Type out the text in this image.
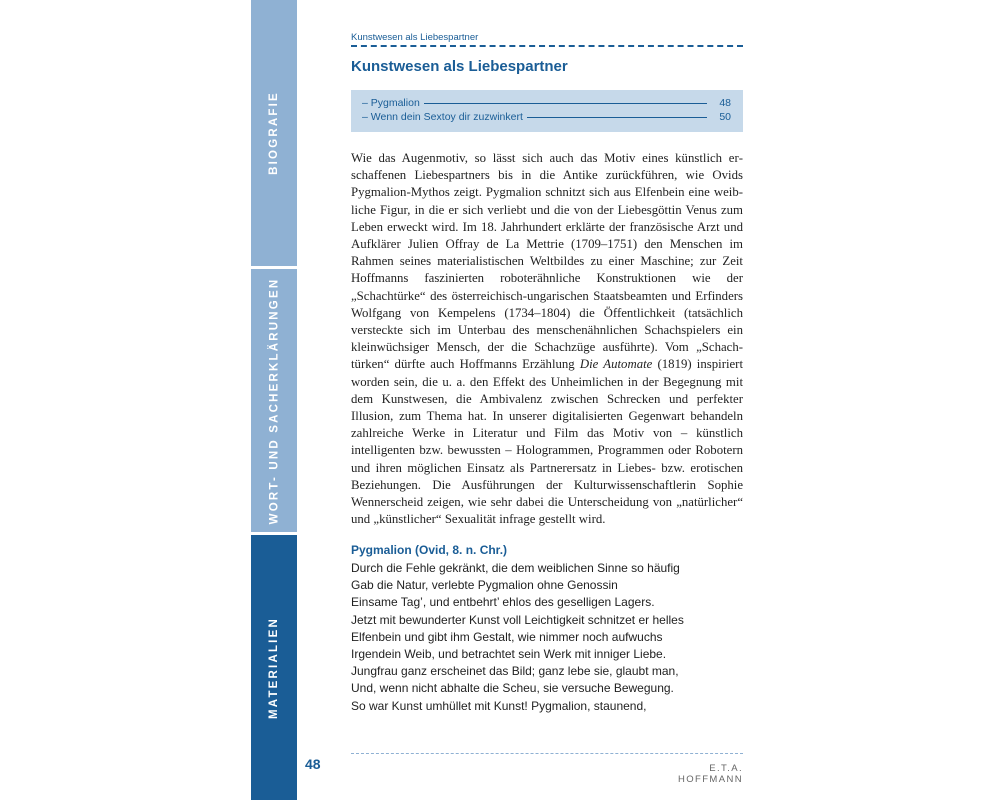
BIOGRAFIE
WORT- UND SACHERKLÄRUNGEN
MATERIALIEN
Kunstwesen als Liebespartner
Kunstwesen als Liebespartner
– Pygmalion	48
– Wenn dein Sextoy dir zuzwinkert	50
Wie das Augenmotiv, so lässt sich auch das Motiv eines künstlich erschaffenen Liebespartners bis in die Antike zurückführen, wie Ovids Pygmalion-Mythos zeigt. Pygmalion schnitzt sich aus Elfenbein eine weibliche Figur, in die er sich verliebt und die von der Liebesgöttin Venus zum Leben erweckt wird. Im 18. Jahrhundert erklärte der französische Arzt und Aufklärer Julien Offray de La Mettrie (1709–1751) den Menschen im Rahmen seines materialistischen Weltbildes zu einer Maschine; zur Zeit Hoffmanns faszinierten roboterähnliche Konstruktionen wie der „Schachtürke“ des österreichisch-ungarischen Staatsbeamten und Erfinders Wolfgang von Kempelens (1734–1804) die Öffentlichkeit (tatsächlich versteckte sich im Unterbau des menschenähnlichen Schachspielers ein kleinwüchsiger Mensch, der die Schachzüge ausführte). Vom „Schachtürken“ dürfte auch Hoffmanns Erzählung Die Automate (1819) inspiriert worden sein, die u. a. den Effekt des Unheimlichen in der Begegnung mit dem Kunstwesen, die Ambivalenz zwischen Schrecken und perfekter Illusion, zum Thema hat. In unserer digitalisierten Gegenwart behandeln zahlreiche Werke in Literatur und Film das Motiv von – künstlich intelligenten bzw. bewussten – Hologrammen, Programmen oder Robotern und ihren möglichen Einsatz als Partnerersatz in Liebes- bzw. erotischen Beziehungen. Die Ausführungen der Kulturwissenschaftlerin Sophie Wennerscheid zeigen, wie sehr dabei die Unterscheidung von „natürlicher“ und „künstlicher“ Sexualität infrage gestellt wird.
Pygmalion (Ovid, 8. n. Chr.)
Durch die Fehle gekränkt, die dem weiblichen Sinne so häufig
Gab die Natur, verlebte Pygmalion ohne Genossin
Einsame Tag’, und entbehrt’ ehlos des geselligen Lagers.
Jetzt mit bewunderter Kunst voll Leichtigkeit schnitzet er helles
Elfenbein und gibt ihm Gestalt, wie nimmer noch aufwuchs
Irgendein Weib, und betrachtet sein Werk mit inniger Liebe.
Jungfrau ganz erscheinet das Bild; ganz lebe sie, glaubt man,
Und, wenn nicht abhalte die Scheu, sie versuche Bewegung.
So war Kunst umhüllet mit Kunst! Pygmalion, staunend,
48	E.T.A. HOFFMANN
